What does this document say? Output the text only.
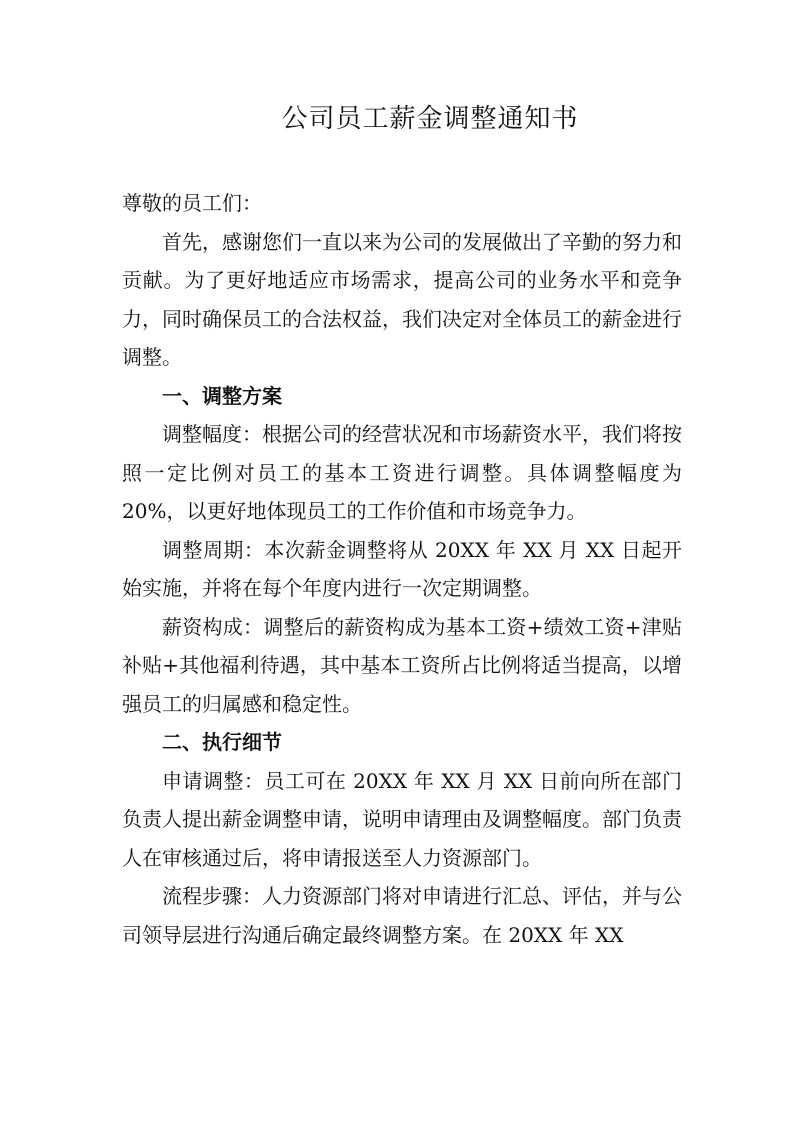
公司员工薪金调整通知书

尊敬的员工们：

首先，感谢您们一直以来为公司的发展做出了辛勤的努力和贡献。为了更好地适应市场需求，提高公司的业务水平和竞争力，同时确保员工的合法权益，我们决定对全体员工的薪金进行调整。

一、调整方案

调整幅度：根据公司的经营状况和市场薪资水平，我们将按照一定比例对员工的基本工资进行调整。具体调整幅度为 20%，以更好地体现员工的工作价值和市场竞争力。

调整周期：本次薪金调整将从 20XX 年 XX 月 XX 日起开始实施，并将在每个年度内进行一次定期调整。

薪资构成：调整后的薪资构成为基本工资+绩效工资+津贴补贴+其他福利待遇，其中基本工资所占比例将适当提高，以增强员工的归属感和稳定性。

二、执行细节

申请调整：员工可在 20XX 年 XX 月 XX 日前向所在部门负责人提出薪金调整申请，说明申请理由及调整幅度。部门负责人在审核通过后，将申请报送至人力资源部门。

流程步骤：人力资源部门将对申请进行汇总、评估，并与公司领导层进行沟通后确定最终调整方案。在 20XX 年 XX
